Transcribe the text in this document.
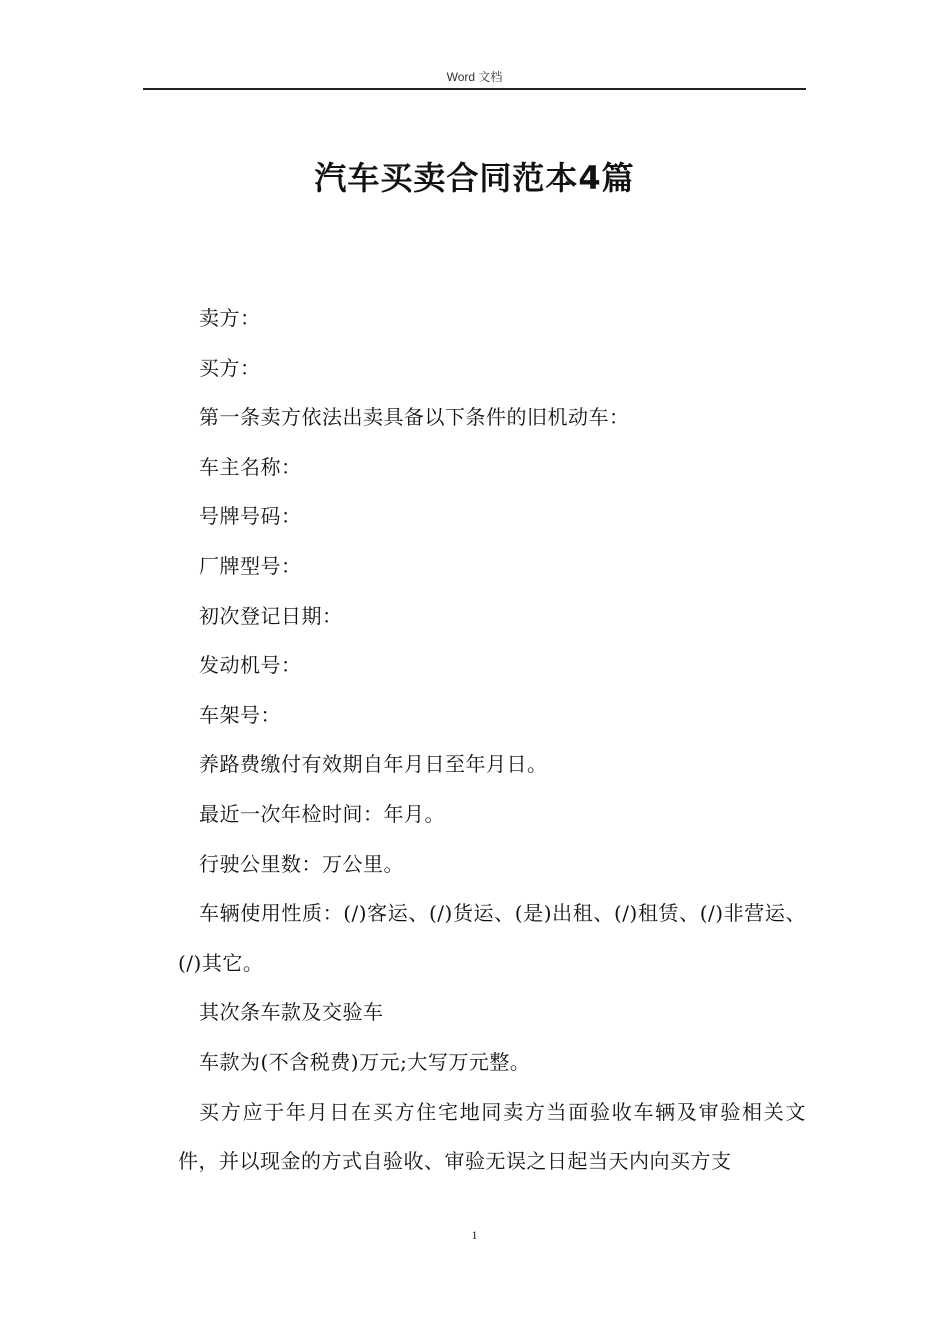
Word 文档
汽车买卖合同范本4篇

卖方：

买方：

第一条卖方依法出卖具备以下条件的旧机动车：

车主名称：

号牌号码：

厂牌型号：

初次登记日期：

发动机号：

车架号：

养路费缴付有效期自年月日至年月日。

最近一次年检时间：年月。

行驶公里数：万公里。

车辆使用性质：(/)客运、(/)货运、(是)出租、(/)租赁、(/)非营运、(/)其它。

其次条车款及交验车

车款为(不含税费)万元;大写万元整。

买方应于年月日在买方住宅地同卖方当面验收车辆及审验相关文件，并以现金的方式自验收、审验无误之日起当天内向买方支

1
